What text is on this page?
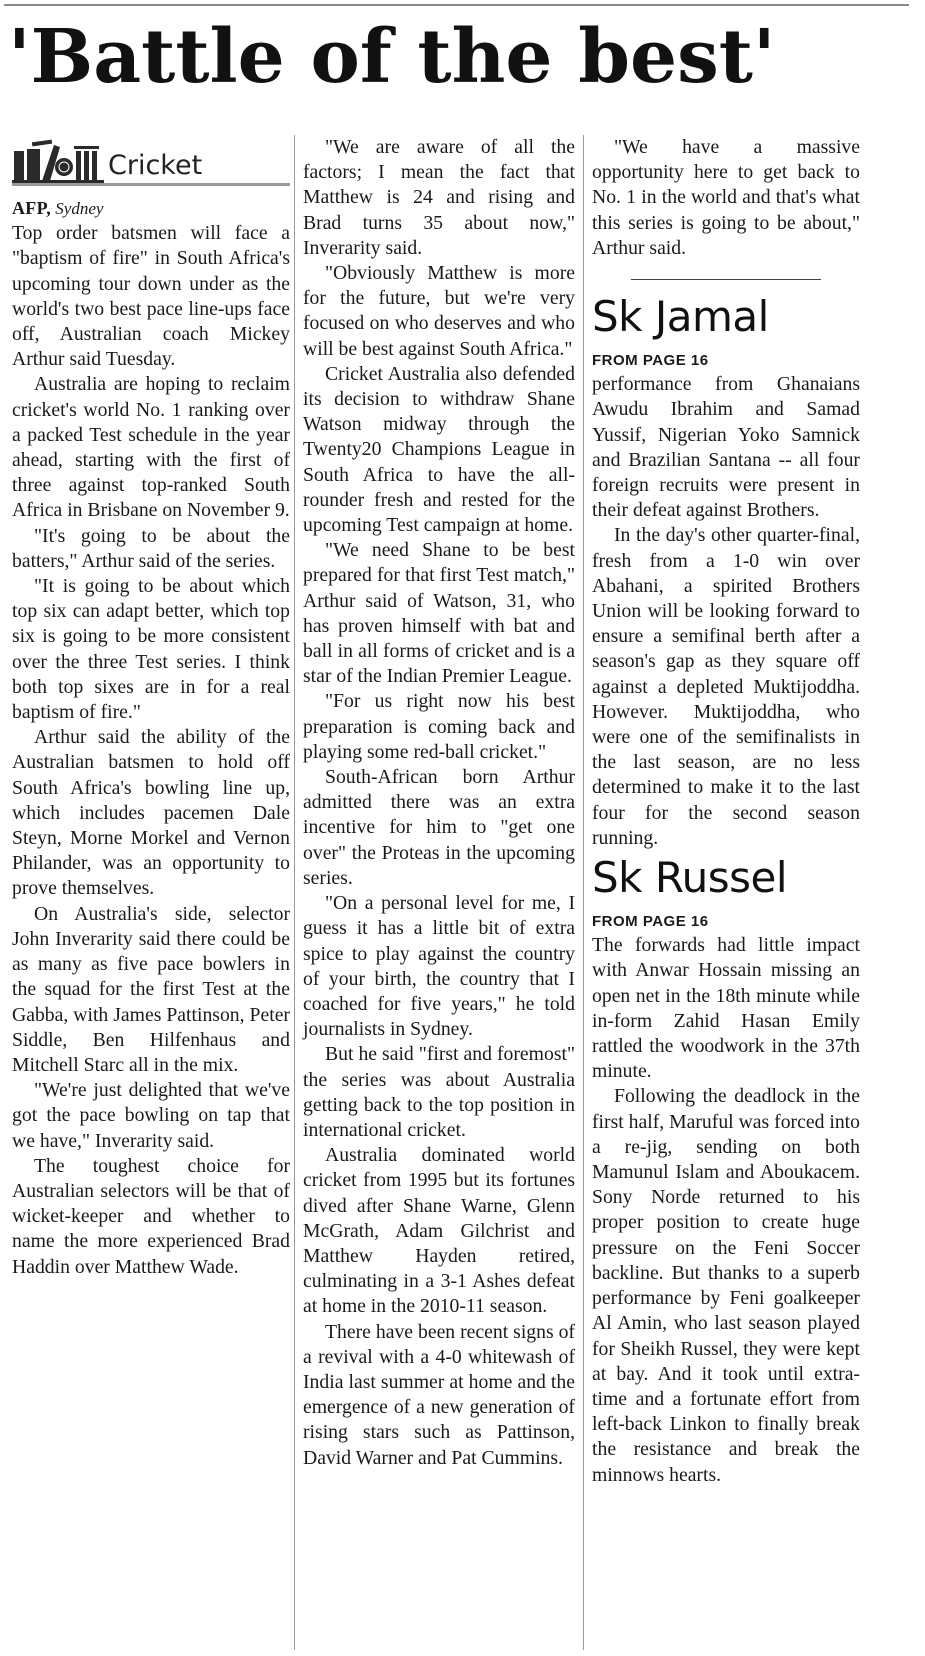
'Battle of the best'
Cricket

AFP, Sydney

Top order batsmen will face a "baptism of fire" in South Africa's upcoming tour down under as the world's two best pace line-ups face off, Australian coach Mickey Arthur said Tuesday.

Australia are hoping to reclaim cricket's world No. 1 ranking over a packed Test schedule in the year ahead, starting with the first of three against top-ranked South Africa in Brisbane on November 9.

"It's going to be about the batters," Arthur said of the series.

"It is going to be about which top six can adapt better, which top six is going to be more consistent over the three Test series. I think both top sixes are in for a real baptism of fire."

Arthur said the ability of the Australian batsmen to hold off South Africa's bowling line up, which includes pacemen Dale Steyn, Morne Morkel and Vernon Philander, was an opportunity to prove themselves.

On Australia's side, selector John Inverarity said there could be as many as five pace bowlers in the squad for the first Test at the Gabba, with James Pattinson, Peter Siddle, Ben Hilfenhaus and Mitchell Starc all in the mix.

"We're just delighted that we've got the pace bowling on tap that we have," Inverarity said.

The toughest choice for Australian selectors will be that of wicket-keeper and whether to name the more experienced Brad Haddin over Matthew Wade.

"We are aware of all the factors; I mean the fact that Matthew is 24 and rising and Brad turns 35 about now," Inverarity said.

"Obviously Matthew is more for the future, but we're very focused on who deserves and who will be best against South Africa."

Cricket Australia also defended its decision to withdraw Shane Watson midway through the Twenty20 Champions League in South Africa to have the all-rounder fresh and rested for the upcoming Test campaign at home.

"We need Shane to be best prepared for that first Test match," Arthur said of Watson, 31, who has proven himself with bat and ball in all forms of cricket and is a star of the Indian Premier League.

"For us right now his best preparation is coming back and playing some red-ball cricket."

South-African born Arthur admitted there was an extra incentive for him to "get one over" the Proteas in the upcoming series.

"On a personal level for me, I guess it has a little bit of extra spice to play against the country of your birth, the country that I coached for five years," he told journalists in Sydney.

But he said "first and foremost" the series was about Australia getting back to the top position in international cricket.

Australia dominated world cricket from 1995 but its fortunes dived after Shane Warne, Glenn McGrath, Adam Gilchrist and Matthew Hayden retired, culminating in a 3-1 Ashes defeat at home in the 2010-11 season.

There have been recent signs of a revival with a 4-0 whitewash of India last summer at home and the emergence of a new generation of rising stars such as Pattinson, David Warner and Pat Cummins.

"We have a massive opportunity here to get back to No. 1 in the world and that's what this series is going to be about," Arthur said.

Sk Jamal
FROM PAGE 16

performance from Ghanaians Awudu Ibrahim and Samad Yussif, Nigerian Yoko Samnick and Brazilian Santana -- all four foreign recruits were present in their defeat against Brothers.

In the day's other quarter-final, fresh from a 1-0 win over Abahani, a spirited Brothers Union will be looking forward to ensure a semifinal berth after a season's gap as they square off against a depleted Muktijoddha. However. Muktijoddha, who were one of the semifinalists in the last season, are no less determined to make it to the last four for the second season running.

Sk Russel
FROM PAGE 16

The forwards had little impact with Anwar Hossain missing an open net in the 18th minute while in-form Zahid Hasan Emily rattled the woodwork in the 37th minute.

Following the deadlock in the first half, Maruful was forced into a re-jig, sending on both Mamunul Islam and Aboukacem. Sony Norde returned to his proper position to create huge pressure on the Feni Soccer backline. But thanks to a superb performance by Feni goalkeeper Al Amin, who last season played for Sheikh Russel, they were kept at bay. And it took until extra-time and a fortunate effort from left-back Linkon to finally break the resistance and break the minnows hearts.
